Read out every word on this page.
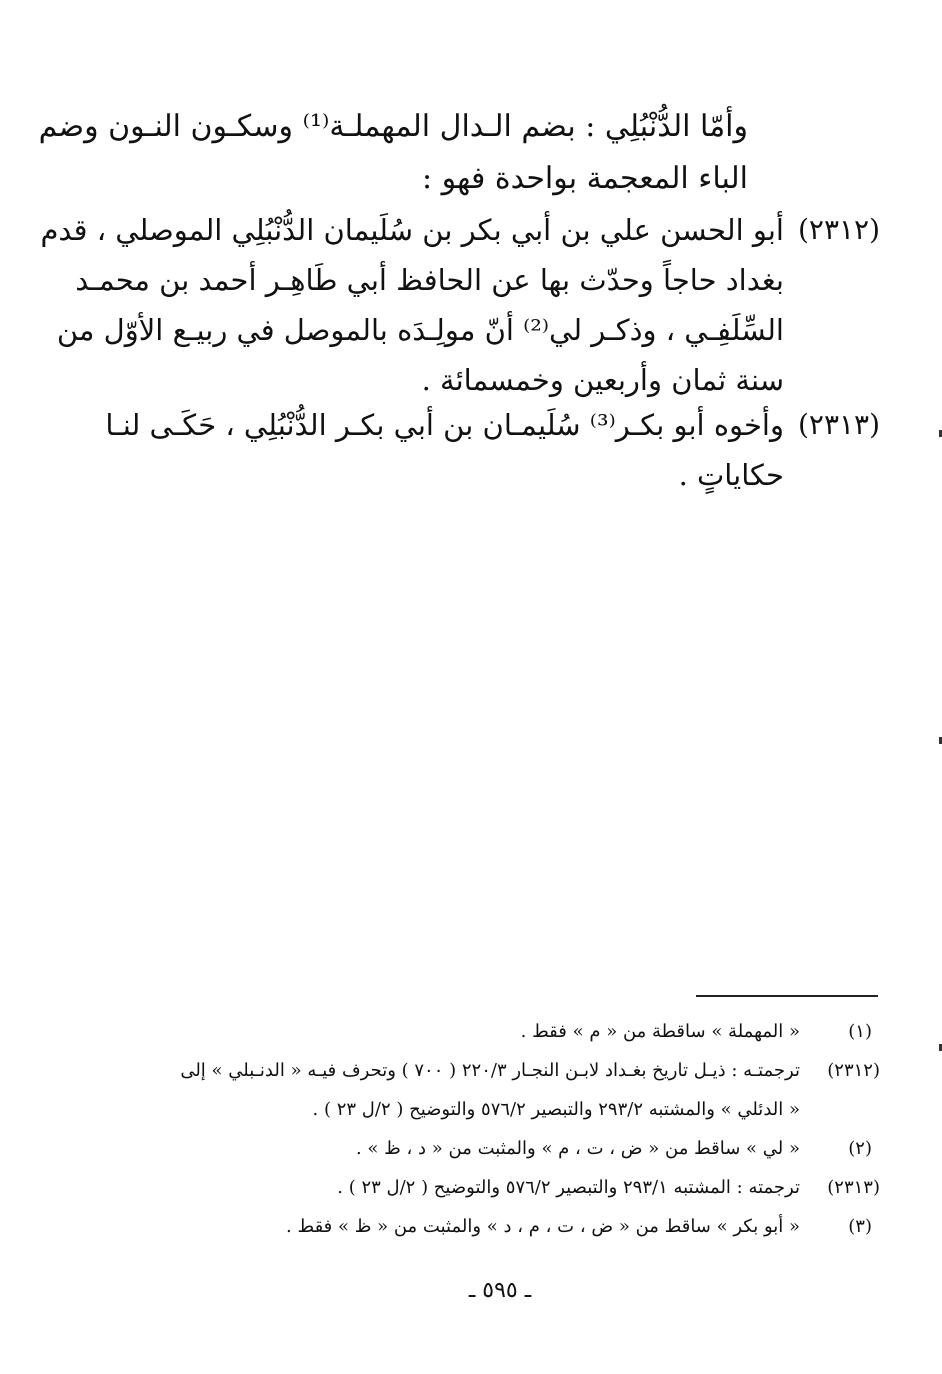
وأمّا الدُّنْبُلِي : بضم الـدال المهملـة⁽¹⁾ وسكـون النـون وضم
الباء المعجمة بواحدة فهو :
(٢٣١٢)
أبو الحسن علي بن أبي بكر بن سُلَيمان الدُّنْبُلِي الموصلي ، قدم
بغداد حاجاً وحدّث بها عن الحافظ أبي طَاهِـر أحمد بن محمـد
السِّلَفِـي ، وذكـر لي⁽²⁾ أنّ مولِـدَه بالموصل في ربيـع الأوّل من
سنة ثمان وأربعين وخمسمائة .
(٢٣١٣)
وأخوه أبو بكـر⁽³⁾ سُلَيمـان بن أبي بكـر الدُّنْبُلِي ، حَكَـى لنـا
حكاياتٍ .
(١)
« المهملة » ساقطة من « م » فقط .
(٢٣١٢)
ترجمتـه : ذيـل تاريخ بغـداد لابـن النجـار ٢٢٠/٣ ( ٧٠٠ ) وتحرف فيـه « الدنـبلي » إلى
« الدئلي » والمشتبه ٢٩٣/٢ والتبصير ٥٧٦/٢ والتوضيح ( ٢/ل ٢٣ ) .
(٢)
« لي » ساقط من « ض ، ت ، م » والمثبت من « د ، ظ » .
(٢٣١٣)
ترجمته : المشتبه ٢٩٣/١ والتبصير ٥٧٦/٢ والتوضيح ( ٢/ل ٢٣ ) .
(٣)
« أبو بكر » ساقط من « ض ، ت ، م ، د » والمثبت من « ظ » فقط .
ـ ٥٩٥ ـ
